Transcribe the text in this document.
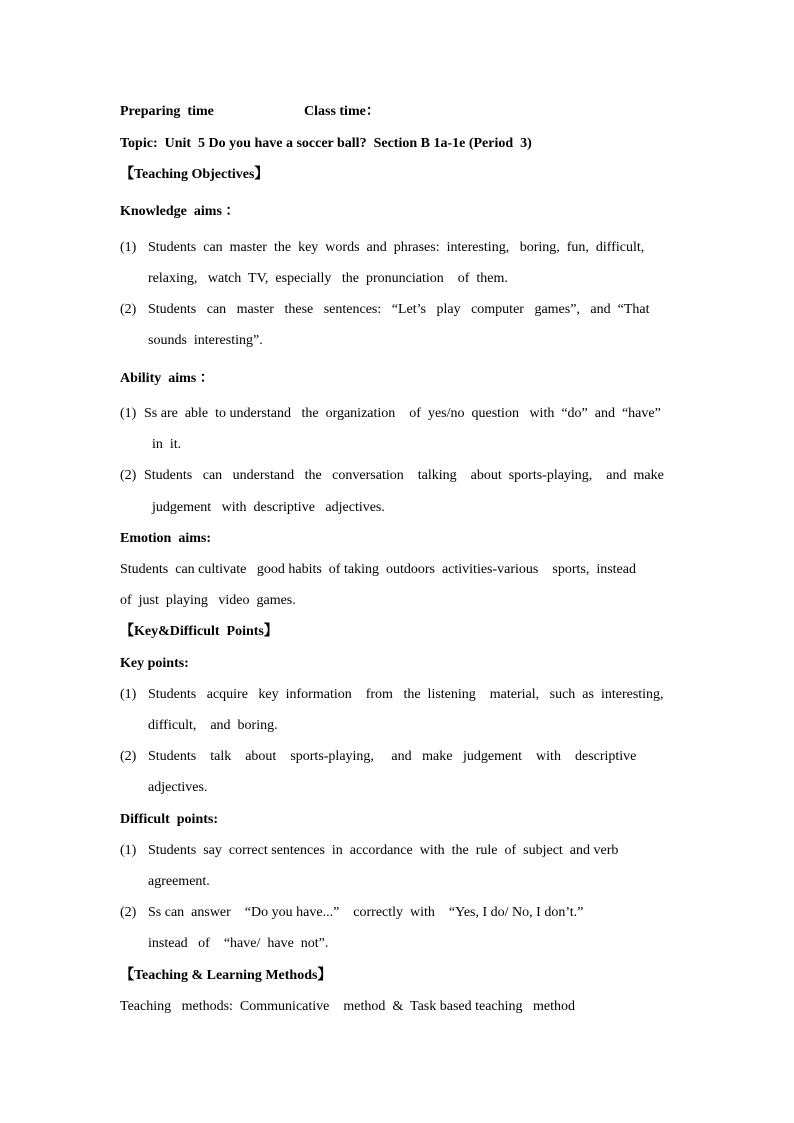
Preparing  time	Class time：
Topic:  Unit  5 Do you have a soccer ball?  Section B 1a-1e (Period  3)
【Teaching Objectives】
Knowledge  aims ：
(1) Students  can  master  the  key  words  and  phrases:  interesting,   boring,  fun,  difficult,
relaxing,   watch  TV,  especially   the  pronunciation    of  them.
(2) Students   can   master   these   sentences:   “Let’s   play   computer   games”,   and  “That
sounds  interesting”.
Ability  aims ：
(1) Ss are  able  to understand   the  organization    of  yes/no  question   with  “do”  and  “have”
in  it.
(2) Students   can   understand   the   conversation    talking    about  sports-playing,    and  make
judgement   with  descriptive   adjectives.
Emotion  aims:
Students  can cultivate   good habits  of taking  outdoors  activities-various    sports,  instead
of  just  playing   video  games.
【Key&Difficult  Points】
Key points:
(1) Students   acquire   key  information    from   the  listening    material,   such  as  interesting,
difficult,    and  boring.
(2) Students    talk    about    sports-playing,     and   make   judgement    with    descriptive
adjectives.
Difficult  points:
(1) Students  say  correct sentences  in  accordance  with  the  rule  of  subject  and verb
agreement.
(2) Ss can  answer    “Do you have...”    correctly  with    “Yes, I do/ No, I don’t.”
instead   of    “have/  have  not”.
【Teaching & Learning Methods】
Teaching   methods:  Communicative    method  &  Task based teaching   method
